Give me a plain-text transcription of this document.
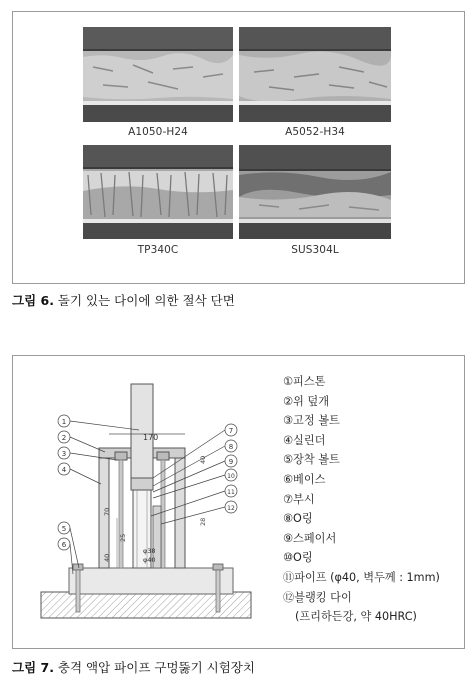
A1050-H24	A5052-H34
TP340C	SUS304L
그림 6. 돌기 있는 다이에 의한 절삭 단면
170
70
25
40
28
40
φ38
φ40
1
2
3
4
5
6
7
8
9
10
11
12
①피스톤
②위 덮개
③고정 볼트
④실린더
⑤장착 볼트
⑥베이스
⑦부시
⑧O링
⑨스페이서
⑩O링
⑪파이프 (φ40, 벽두께 : 1mm)
⑫블랭킹 다이
(프리하든강, 약 40HRC)
그림 7. 충격 액압 파이프 구멍뚫기 시험장치
